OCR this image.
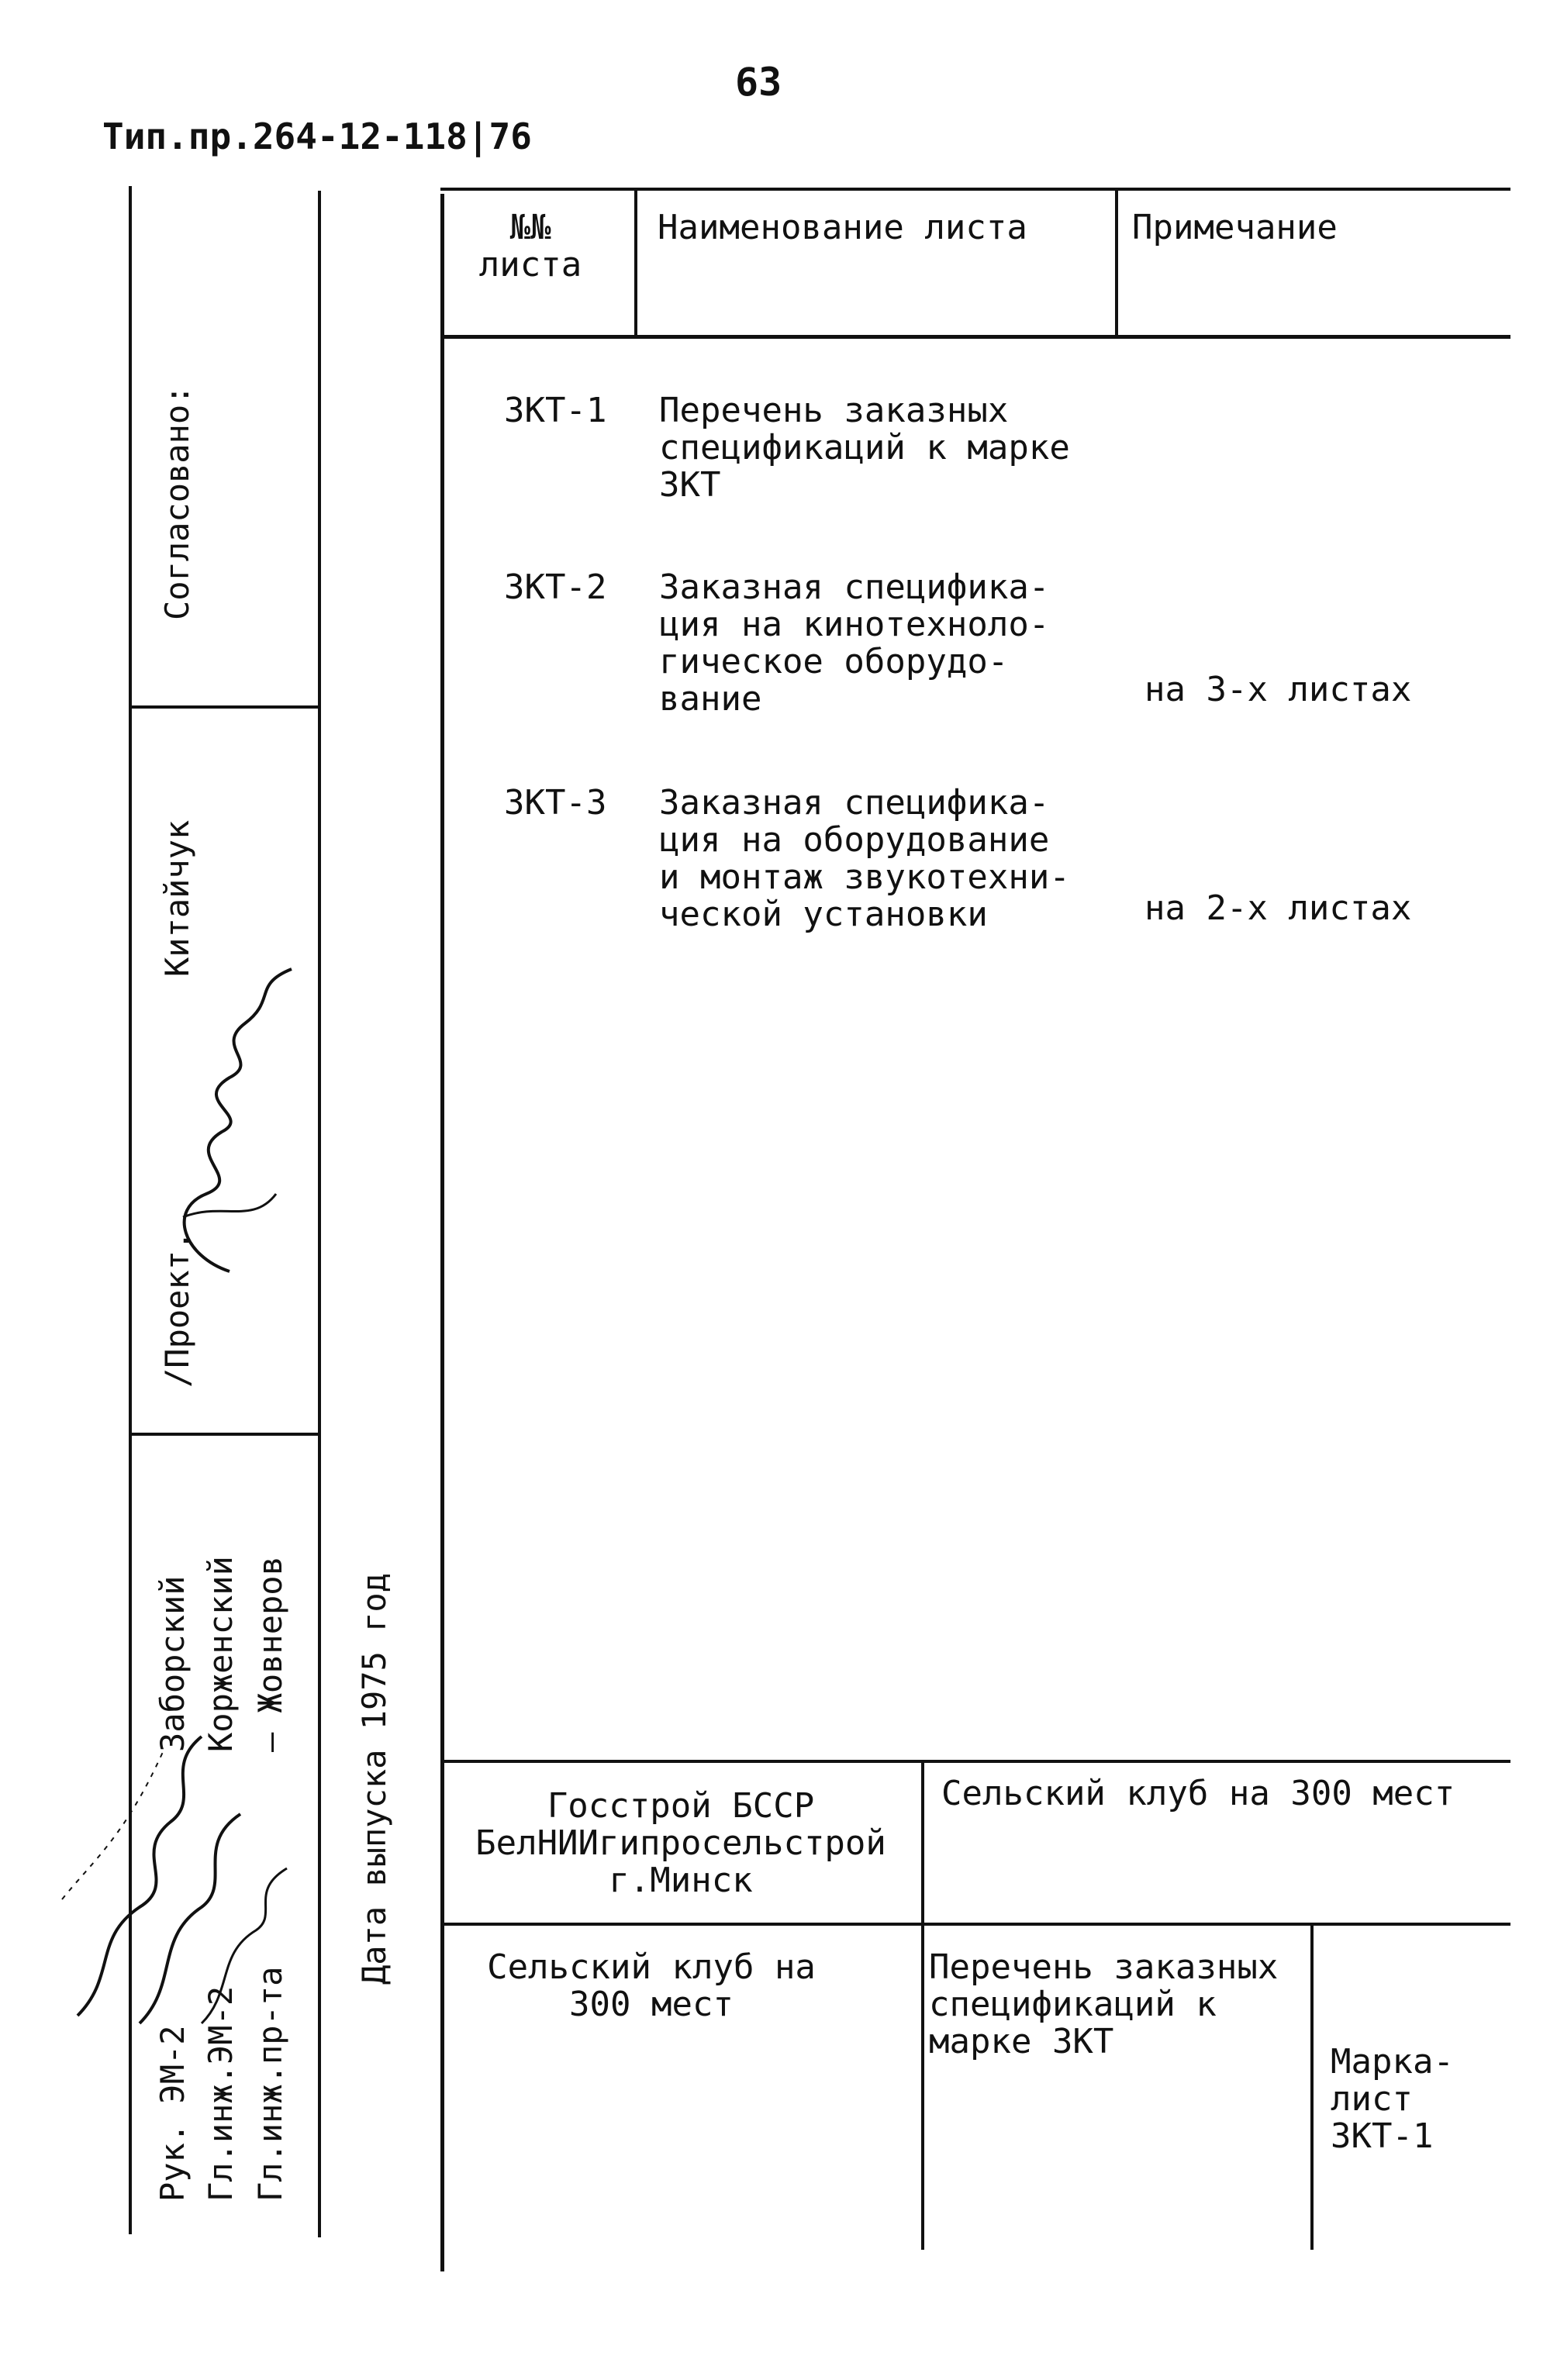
63
Тип.пр.264-12-118|76
№№
листа
Наименование листа	Примечание
3КТ-1 Перечень заказных
спецификаций к марке
3КТ
3КТ-2 Заказная специфика-
ция на кинотехноло-
гическое оборудо-
вание	на 3-х листах
3КТ-3 Заказная специфика-
ция на оборудование
и монтаж звукотехни-
ческой установки	на 2-х листах
Госстрой БССР
БелНИИгипросельстрой
г.Минск
Сельский клуб на 300 мест
Сельский клуб на
300 мест
Перечень заказных
спецификаций к
марке 3КТ
Марка-
лист
3КТ-1
Согласовано:
/Проект.
Китайчук
Рук. ЭМ-2 Гл.инж.ЭМ-2 Гл.инж.пр-та
Заборский Корженский – Жовнеров Дата выпуска 1975 год
